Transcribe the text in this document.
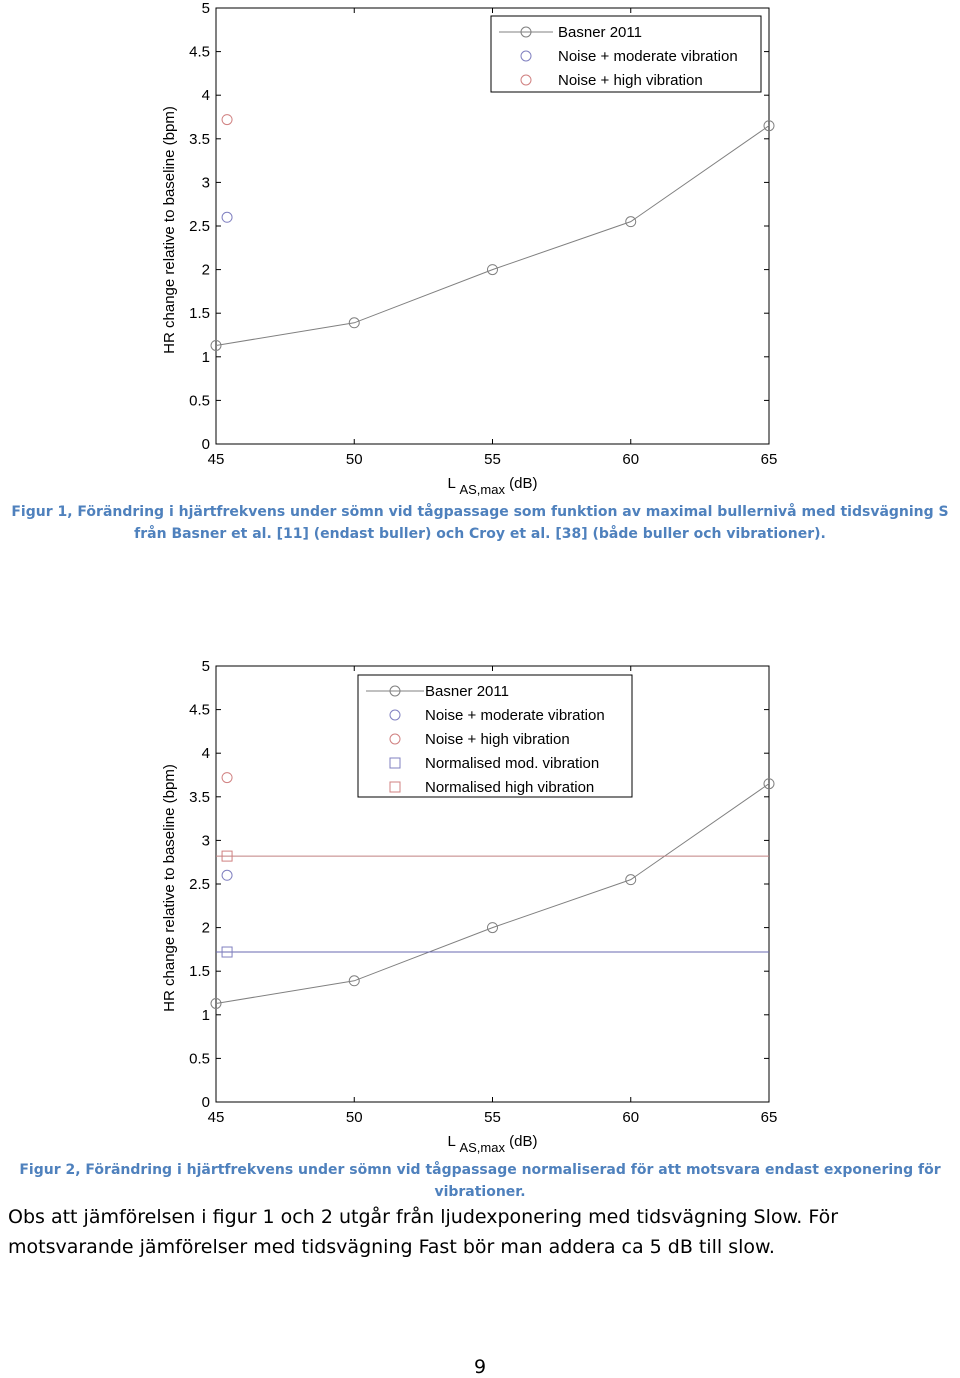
0
0.5
1
1.5
2
2.5
3
3.5
4
4.5
5
45	50	55	60	65
L AS,max (dB)
HR change relative to baseline (bpm)
Basner 2011
Noise + moderate vibration
Noise + high vibration

Figur 1, Förändring i hjärtfrekvens under sömn vid tågpassage som funktion av maximal bullernivå med tidsvägning S från Basner et al. [11] (endast buller) och Croy et al. [38] (både buller och vibrationer).

0
0.5
1
1.5
2
2.5
3
3.5
4
4.5
5
45	50	55	60	65
L AS,max (dB)
HR change relative to baseline (bpm)
Basner 2011
Noise + moderate vibration
Noise + high vibration
Normalised mod. vibration
Normalised high vibration

Figur 2, Förändring i hjärtfrekvens under sömn vid tågpassage normaliserad för att motsvara endast exponering för vibrationer.

Obs att jämförelsen i figur 1 och 2 utgår från ljudexponering med tidsvägning Slow. För motsvarande jämförelser med tidsvägning Fast bör man addera ca 5 dB till slow.

9
